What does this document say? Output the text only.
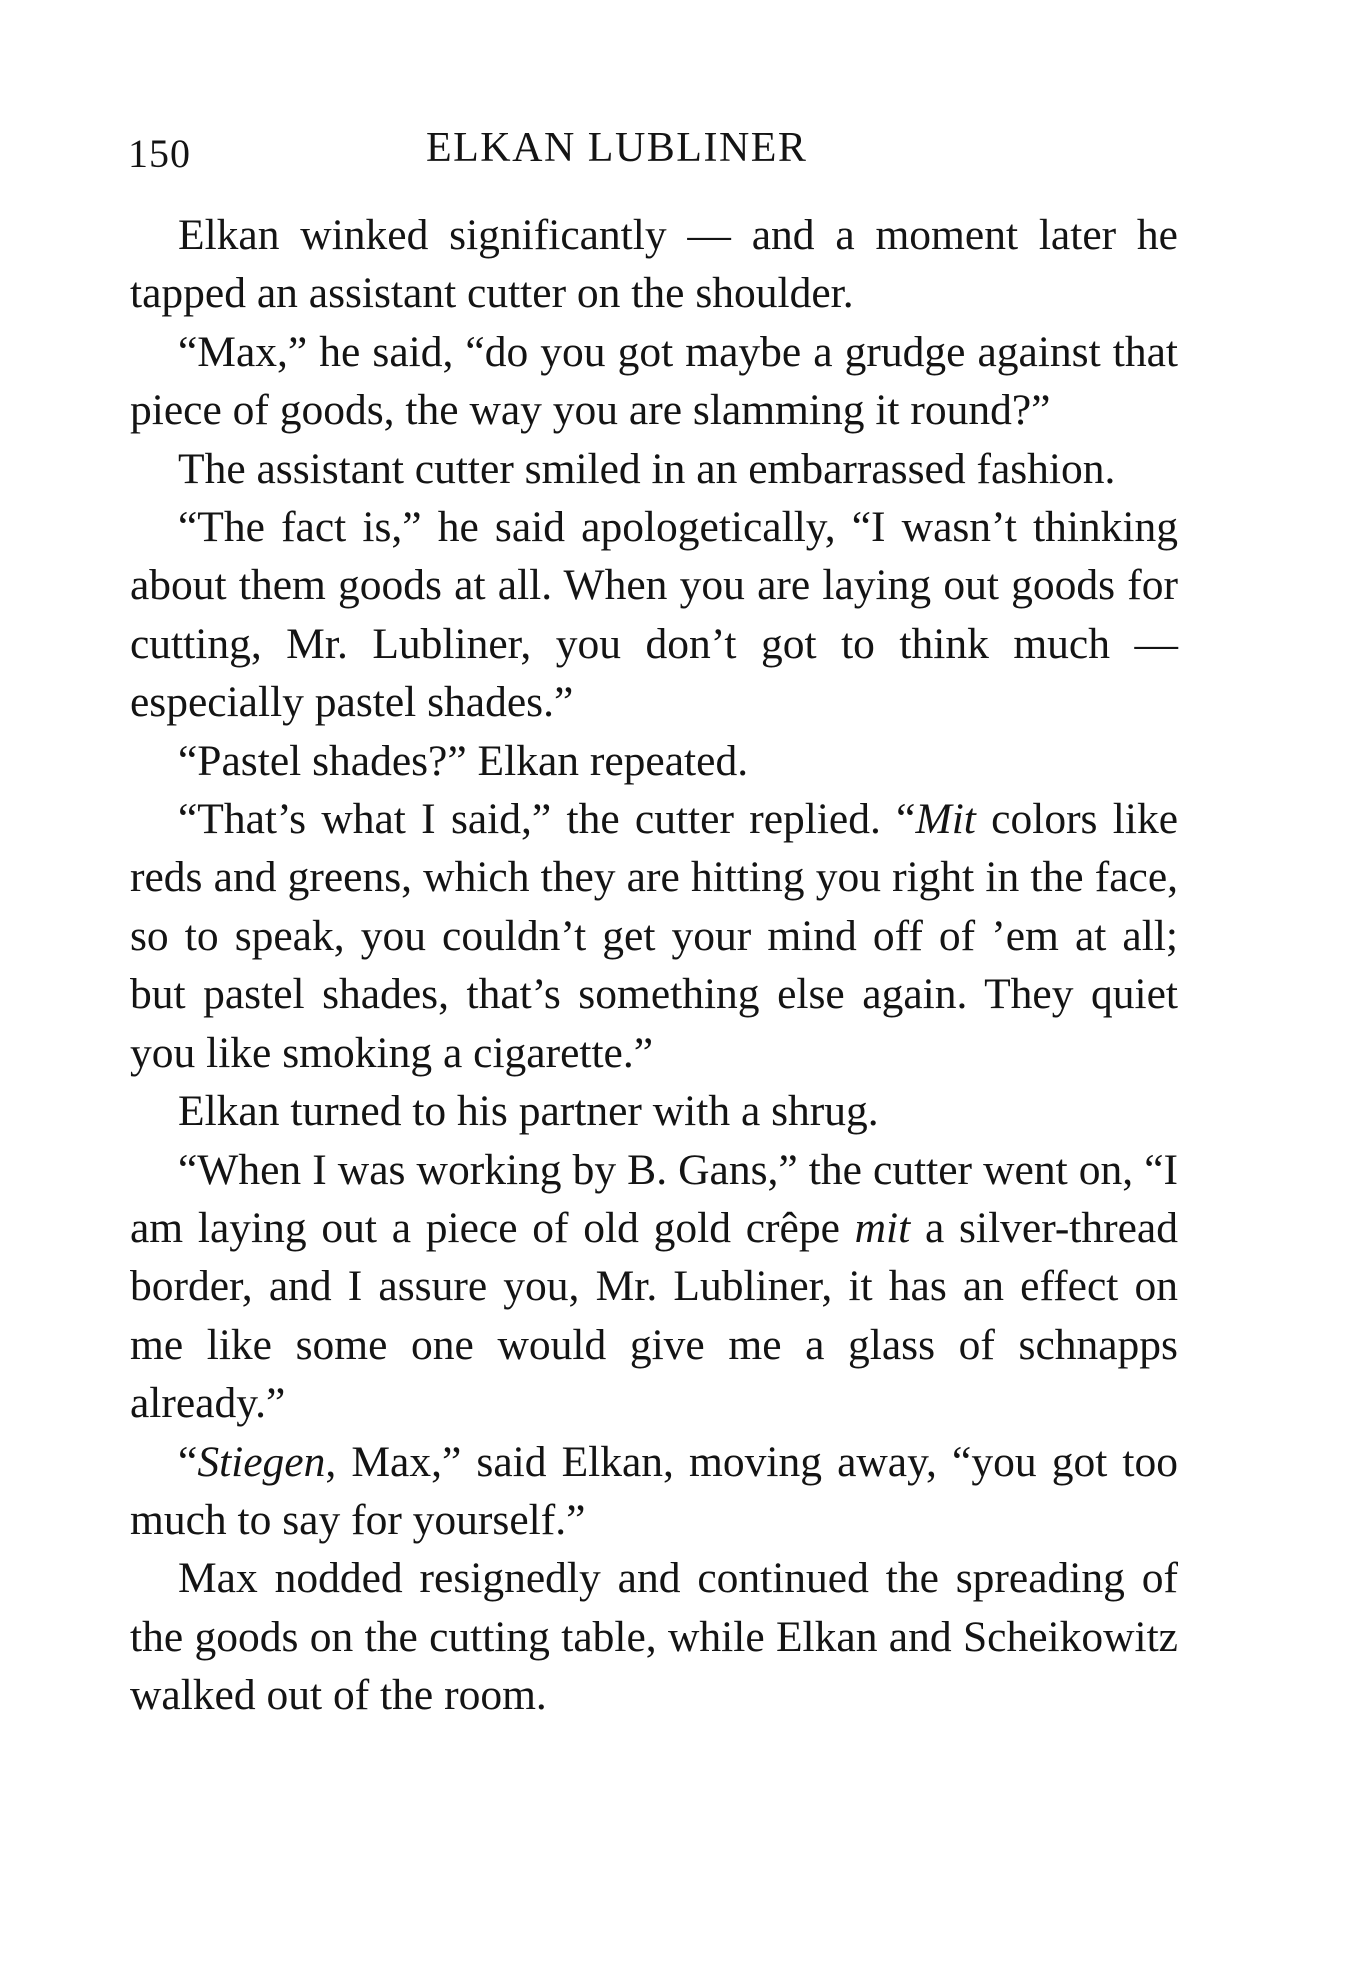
150	ELKAN LUBLINER

Elkan winked significantly — and a moment later he tapped an assistant cutter on the shoulder.

“Max,” he said, “do you got maybe a grudge against that piece of goods, the way you are slamming it round?”

The assistant cutter smiled in an embarrassed fashion.

“The fact is,” he said apologetically, “I wasn’t thinking about them goods at all. When you are laying out goods for cutting, Mr. Lubliner, you don’t got to think much — especially pastel shades.”

“Pastel shades?” Elkan repeated.

“That’s what I said,” the cutter replied. “Mit colors like reds and greens, which they are hitting you right in the face, so to speak, you couldn’t get your mind off of ’em at all; but pastel shades, that’s something else again. They quiet you like smoking a cigarette.”

Elkan turned to his partner with a shrug.

“When I was working by B. Gans,” the cutter went on, “I am laying out a piece of old gold crêpe mit a silver-thread border, and I assure you, Mr. Lubliner, it has an effect on me like some one would give me a glass of schnapps already.”

“Stiegen, Max,” said Elkan, moving away, “you got too much to say for yourself.”

Max nodded resignedly and continued the spreading of the goods on the cutting table, while Elkan and Scheikowitz walked out of the room.
